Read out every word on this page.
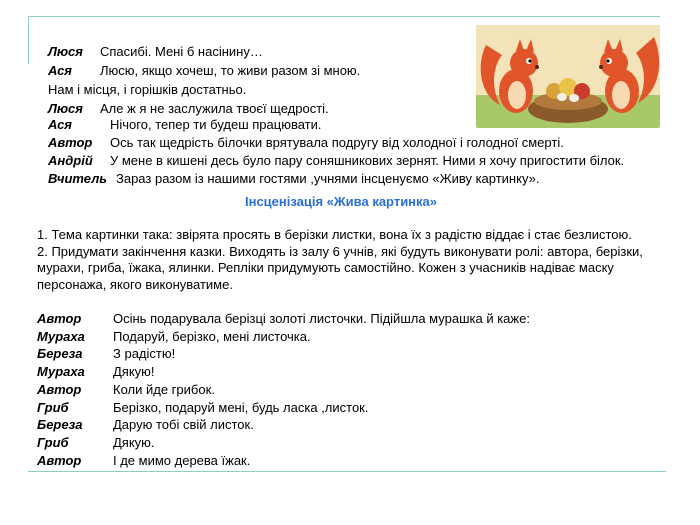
Люся Спасибі. Мені б насінину…
Ася Люсю, якщо хочеш, то живи разом зі мною.
Нам і місця, і горішків достатньо.
Люся Але ж я не заслужила твоєї щедрості.
Ася	Нічого, тепер ти будеш працювати.
Автор Ось так щедрість білочки врятувала подругу від холодної і голодної смерті.
Андрій У мене в кишені десь було пару соняшникових зернят. Ними я хочу пригостити білок.
Вчитель Зараз разом із нашими гостями ,учнями інсценуємо «Живу картинку».
Інсценізація «Жива картинка»
1. Тема картинки така: звірята просять в берізки листки, вона їх з радістю віддає і стає безлистою.
2. Придумати закінчення казки. Виходять із залу 6 учнів, які будуть виконувати ролі: автора, берізки, мурахи, гриба, їжака, ялинки. Репліки придумують самостійно. Кожен з учасників надіває маску персонажа, якого виконуватиме.
Автор Осінь подарувала берізці золоті листочки. Підійшла мурашка й каже:
Мураха Подаруй, берізко, мені листочка.
Береза З радістю!
Мураха Дякую!
Автор Коли йде грибок.
Гриб	Берізко, подаруй мені, будь ласка ,листок.
Береза Дарую тобі свій листок.
Гриб	Дякую.
Автор І де мимо дерева їжак.
